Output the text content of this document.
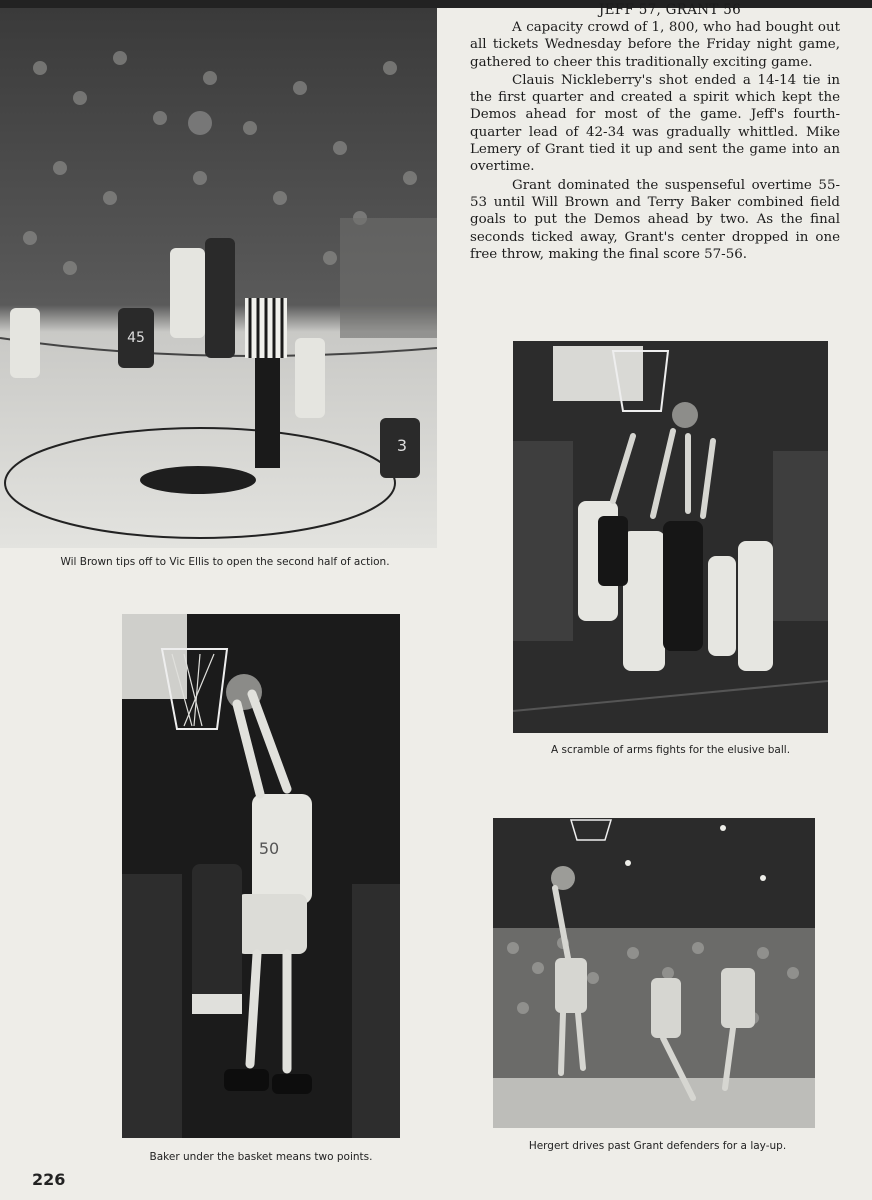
45
3
Wil Brown tips off to Vic Ellis to open the second half of action.
JEFF 57, GRANT 56

A capacity crowd of 1, 800, who had bought out all tickets Wednesday before the Friday night game, gathered to cheer this traditionally exciting game.

Clauis Nickleberry's shot ended a 14-14 tie in the first quarter and created a spirit which kept the Demos ahead for most of the game. Jeff's fourth-quarter lead of 42-34 was gradually whittled. Mike Lemery of Grant tied it up and sent the game into an overtime.

Grant dominated the suspenseful overtime 55-53 until Will Brown and Terry Baker combined field goals to put the Demos ahead by two. As the final seconds ticked away, Grant's center dropped in one free throw, making the final score 57-56.

A scramble of arms fights for the elusive ball.
50
Baker under the basket means two points.
Hergert drives past Grant defenders for a lay-up.
226
